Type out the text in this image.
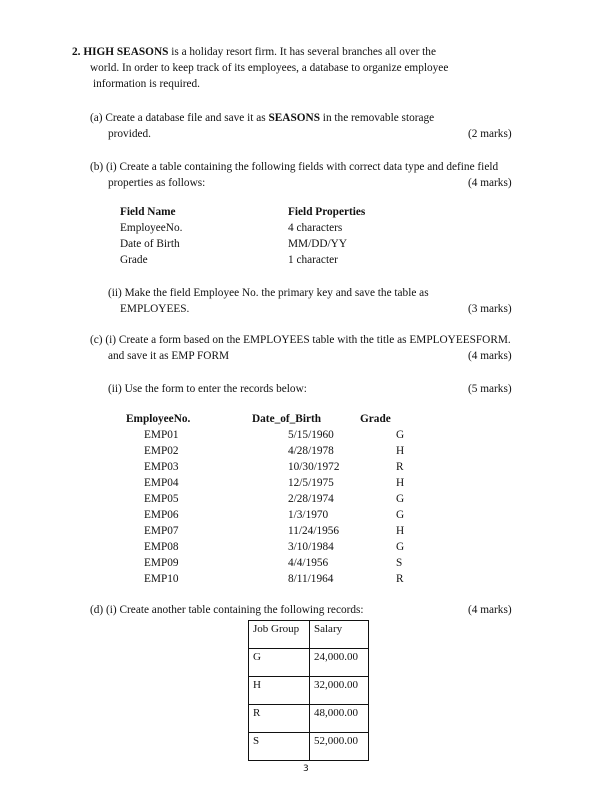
2. HIGH SEASONS is a holiday resort firm. It has several branches all over the
world. In order to keep track of its employees, a database to organize employee
information is required.
(a) Create a database file and save it as SEASONS in the removable storage
provided.	(2 marks)
(b) (i) Create a table containing the following fields with correct data type and define field
properties as follows:	(4 marks)
Field Name	Field Properties
EmployeeNo.	4 characters
Date of Birth	MM/DD/YY
Grade	1 character
(ii) Make the field Employee No. the primary key and save the table as
EMPLOYEES.	(3 marks)
(c) (i) Create a form based on the EMPLOYEES table with the title as EMPLOYEESFORM.
and save it as EMP FORM	(4 marks)
(ii) Use the form to enter the records below:	(5 marks)
EmployeeNo.	Date_of_Birth	Grade
EMP01	5/15/1960	G
EMP02	4/28/1978	H
EMP03	10/30/1972	R
EMP04	12/5/1975	H
EMP05	2/28/1974	G
EMP06	1/3/1970	G
EMP07	11/24/1956	H
EMP08	3/10/1984	G
EMP09	4/4/1956	S
EMP10	8/11/1964	R
(d) (i) Create another table containing the following records:	(4 marks)
Job Group	Salary
G	24,000.00
H	32,000.00
R	48,000.00
S	52,000.00
3
